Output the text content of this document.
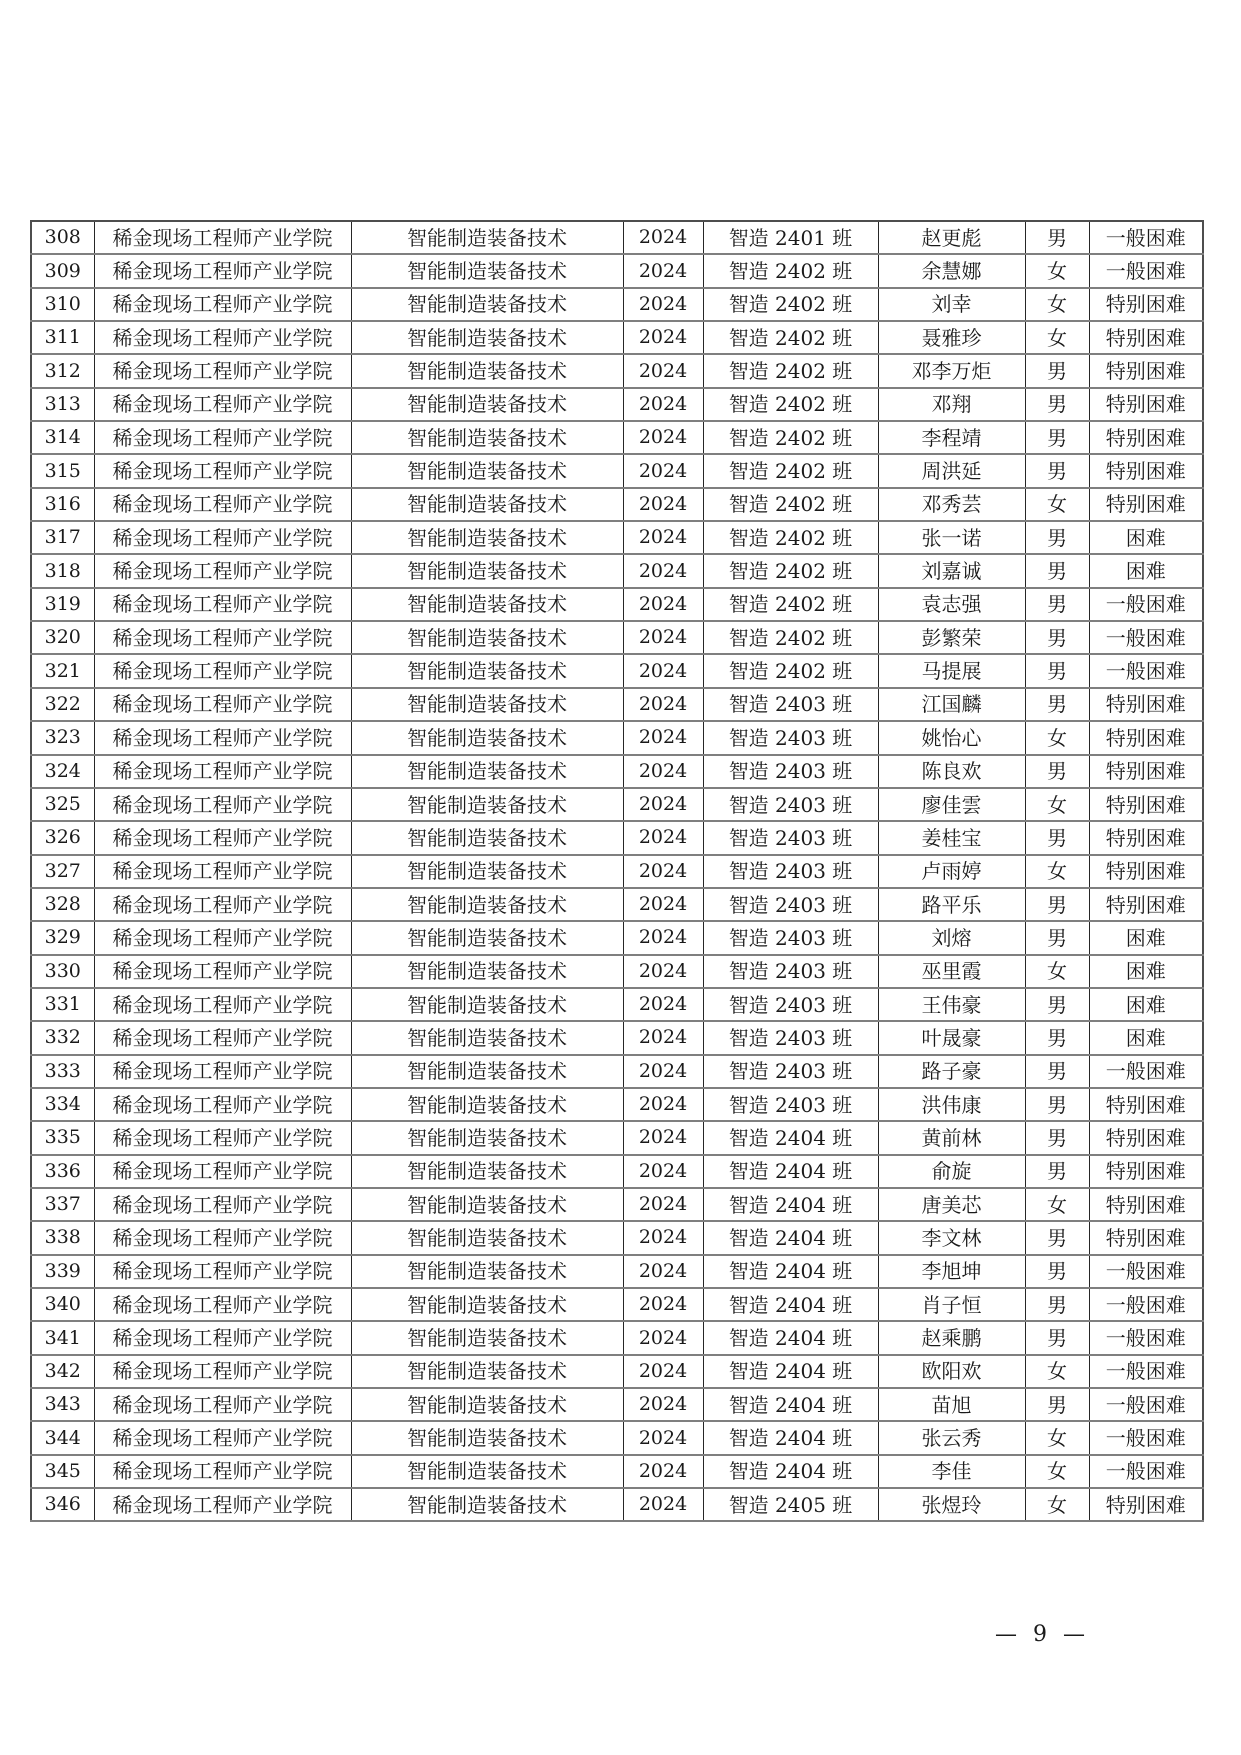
308	稀金现场工程师产业学院	智能制造装备技术	2024	智造 2401 班	赵更彪	男	一般困难
309	稀金现场工程师产业学院	智能制造装备技术	2024	智造 2402 班	余慧娜	女	一般困难
310	稀金现场工程师产业学院	智能制造装备技术	2024	智造 2402 班	刘幸	女	特别困难
311	稀金现场工程师产业学院	智能制造装备技术	2024	智造 2402 班	聂雅珍	女	特别困难
312	稀金现场工程师产业学院	智能制造装备技术	2024	智造 2402 班	邓李万炬	男	特别困难
313	稀金现场工程师产业学院	智能制造装备技术	2024	智造 2402 班	邓翔	男	特别困难
314	稀金现场工程师产业学院	智能制造装备技术	2024	智造 2402 班	李程靖	男	特别困难
315	稀金现场工程师产业学院	智能制造装备技术	2024	智造 2402 班	周洪延	男	特别困难
316	稀金现场工程师产业学院	智能制造装备技术	2024	智造 2402 班	邓秀芸	女	特别困难
317	稀金现场工程师产业学院	智能制造装备技术	2024	智造 2402 班	张一诺	男	困难
318	稀金现场工程师产业学院	智能制造装备技术	2024	智造 2402 班	刘嘉诚	男	困难
319	稀金现场工程师产业学院	智能制造装备技术	2024	智造 2402 班	袁志强	男	一般困难
320	稀金现场工程师产业学院	智能制造装备技术	2024	智造 2402 班	彭繁荣	男	一般困难
321	稀金现场工程师产业学院	智能制造装备技术	2024	智造 2402 班	马提展	男	一般困难
322	稀金现场工程师产业学院	智能制造装备技术	2024	智造 2403 班	江国麟	男	特别困难
323	稀金现场工程师产业学院	智能制造装备技术	2024	智造 2403 班	姚怡心	女	特别困难
324	稀金现场工程师产业学院	智能制造装备技术	2024	智造 2403 班	陈良欢	男	特别困难
325	稀金现场工程师产业学院	智能制造装备技术	2024	智造 2403 班	廖佳雲	女	特别困难
326	稀金现场工程师产业学院	智能制造装备技术	2024	智造 2403 班	姜桂宝	男	特别困难
327	稀金现场工程师产业学院	智能制造装备技术	2024	智造 2403 班	卢雨婷	女	特别困难
328	稀金现场工程师产业学院	智能制造装备技术	2024	智造 2403 班	路平乐	男	特别困难
329	稀金现场工程师产业学院	智能制造装备技术	2024	智造 2403 班	刘熔	男	困难
330	稀金现场工程师产业学院	智能制造装备技术	2024	智造 2403 班	巫里霞	女	困难
331	稀金现场工程师产业学院	智能制造装备技术	2024	智造 2403 班	王伟豪	男	困难
332	稀金现场工程师产业学院	智能制造装备技术	2024	智造 2403 班	叶晟豪	男	困难
333	稀金现场工程师产业学院	智能制造装备技术	2024	智造 2403 班	路子豪	男	一般困难
334	稀金现场工程师产业学院	智能制造装备技术	2024	智造 2403 班	洪伟康	男	特别困难
335	稀金现场工程师产业学院	智能制造装备技术	2024	智造 2404 班	黄前林	男	特别困难
336	稀金现场工程师产业学院	智能制造装备技术	2024	智造 2404 班	俞旋	男	特别困难
337	稀金现场工程师产业学院	智能制造装备技术	2024	智造 2404 班	唐美芯	女	特别困难
338	稀金现场工程师产业学院	智能制造装备技术	2024	智造 2404 班	李文林	男	特别困难
339	稀金现场工程师产业学院	智能制造装备技术	2024	智造 2404 班	李旭坤	男	一般困难
340	稀金现场工程师产业学院	智能制造装备技术	2024	智造 2404 班	肖子恒	男	一般困难
341	稀金现场工程师产业学院	智能制造装备技术	2024	智造 2404 班	赵乘鹏	男	一般困难
342	稀金现场工程师产业学院	智能制造装备技术	2024	智造 2404 班	欧阳欢	女	一般困难
343	稀金现场工程师产业学院	智能制造装备技术	2024	智造 2404 班	苗旭	男	一般困难
344	稀金现场工程师产业学院	智能制造装备技术	2024	智造 2404 班	张云秀	女	一般困难
345	稀金现场工程师产业学院	智能制造装备技术	2024	智造 2404 班	李佳	女	一般困难
346	稀金现场工程师产业学院	智能制造装备技术	2024	智造 2405 班	张煜玲	女	特别困难
— 9 —
